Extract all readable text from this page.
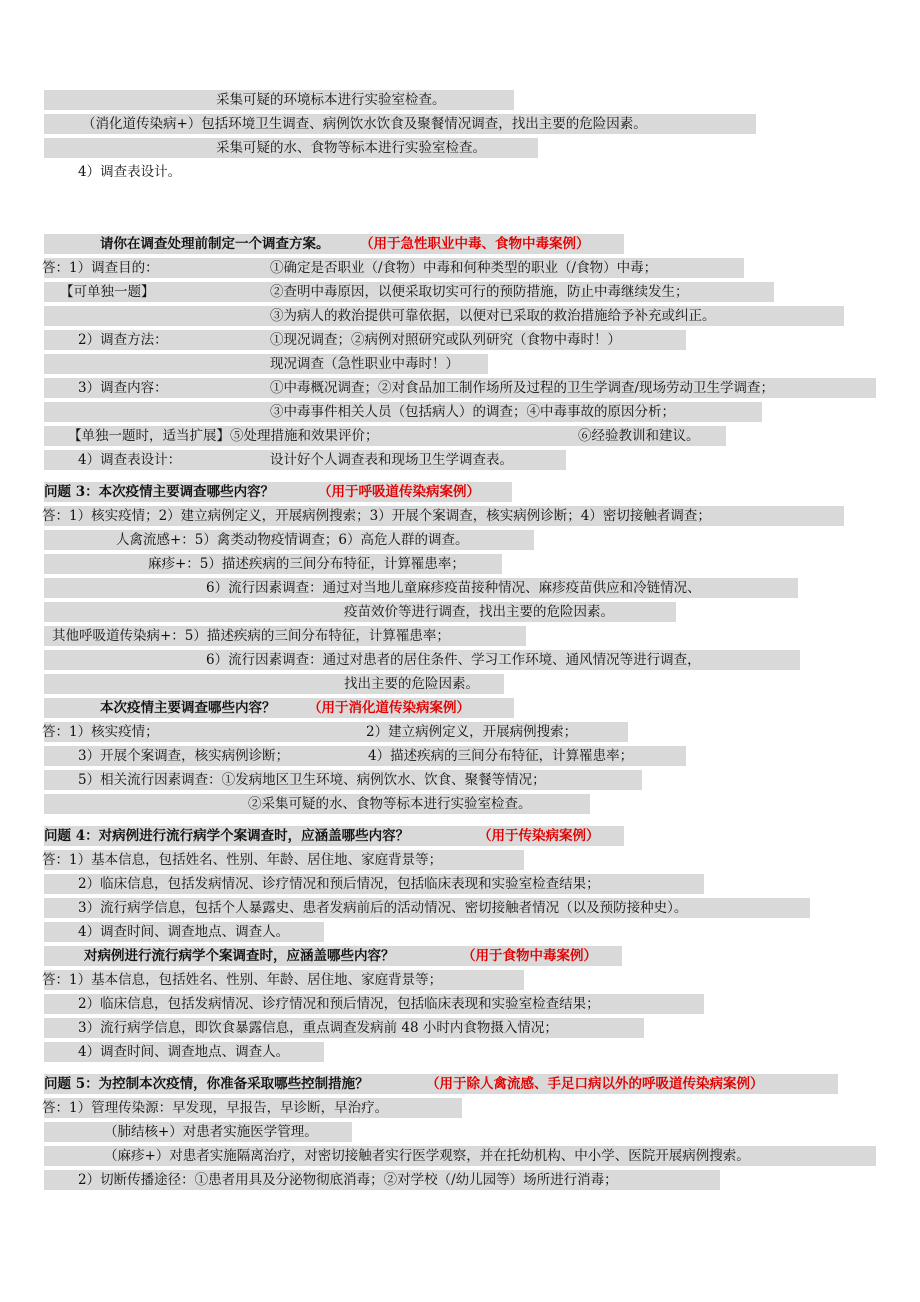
采集可疑的环境标本进行实验室检查。
（消化道传染病+）包括环境卫生调查、病例饮水饮食及聚餐情况调查，找出主要的危险因素。
采集可疑的水、食物等标本进行实验室检查。
4）调查表设计。
请你在调查处理前制定一个调查方案。 （用于急性职业中毒、食物中毒案例）
答：1）调查目的：	①确定是否职业（/食物）中毒和何种类型的职业（/食物）中毒；
【可单独一题】	②查明中毒原因，以便采取切实可行的预防措施，防止中毒继续发生；
③为病人的救治提供可靠依据，以便对已采取的救治措施给予补充或纠正。
2）调查方法：	①现况调查；②病例对照研究或队列研究（食物中毒时！）
现况调查（急性职业中毒时！）
3）调查内容：	①中毒概况调查；②对食品加工制作场所及过程的卫生学调查/现场劳动卫生学调查；
③中毒事件相关人员（包括病人）的调查；④中毒事故的原因分析；
【单独一题时，适当扩展】⑤处理措施和效果评价；	⑥经验教训和建议。
4）调查表设计：	设计好个人调查表和现场卫生学调查表。
问题 3：本次疫情主要调查哪些内容？	（用于呼吸道传染病案例）
答：1）核实疫情；2）建立病例定义，开展病例搜索；3）开展个案调查，核实病例诊断；4）密切接触者调查；
人禽流感+：5）禽类动物疫情调查；6）高危人群的调查。
麻疹+：5）描述疾病的三间分布特征，计算罹患率；
6）流行因素调查：通过对当地儿童麻疹疫苗接种情况、麻疹疫苗供应和冷链情况、
疫苗效价等进行调查，找出主要的危险因素。
其他呼吸道传染病+：5）描述疾病的三间分布特征，计算罹患率；
6）流行因素调查：通过对患者的居住条件、学习工作环境、通风情况等进行调查，
找出主要的危险因素。
本次疫情主要调查哪些内容？ （用于消化道传染病案例）
答：1）核实疫情；	2）建立病例定义，开展病例搜索；
3）开展个案调查，核实病例诊断；	4）描述疾病的三间分布特征，计算罹患率；
5）相关流行因素调查：①发病地区卫生环境、病例饮水、饮食、聚餐等情况；
②采集可疑的水、食物等标本进行实验室检查。
问题 4：对病例进行流行病学个案调查时，应涵盖哪些内容？	（用于传染病案例）
答：1）基本信息，包括姓名、性别、年龄、居住地、家庭背景等；
2）临床信息，包括发病情况、诊疗情况和预后情况，包括临床表现和实验室检查结果；
3）流行病学信息，包括个人暴露史、患者发病前后的活动情况、密切接触者情况（以及预防接种史）。
4）调查时间、调查地点、调查人。
对病例进行流行病学个案调查时，应涵盖哪些内容？	（用于食物中毒案例）
答：1）基本信息，包括姓名、性别、年龄、居住地、家庭背景等；
2）临床信息，包括发病情况、诊疗情况和预后情况，包括临床表现和实验室检查结果；
3）流行病学信息，即饮食暴露信息，重点调查发病前 48 小时内食物摄入情况；
4）调查时间、调查地点、调查人。
问题 5：为控制本次疫情，你准备采取哪些控制措施？	（用于除人禽流感、手足口病以外的呼吸道传染病案例）
答：1）管理传染源：早发现，早报告，早诊断，早治疗。
（肺结核+）对患者实施医学管理。
（麻疹+）对患者实施隔离治疗，对密切接触者实行医学观察，并在托幼机构、中小学、医院开展病例搜索。
2）切断传播途径：①患者用具及分泌物彻底消毒；②对学校（/幼儿园等）场所进行消毒；
